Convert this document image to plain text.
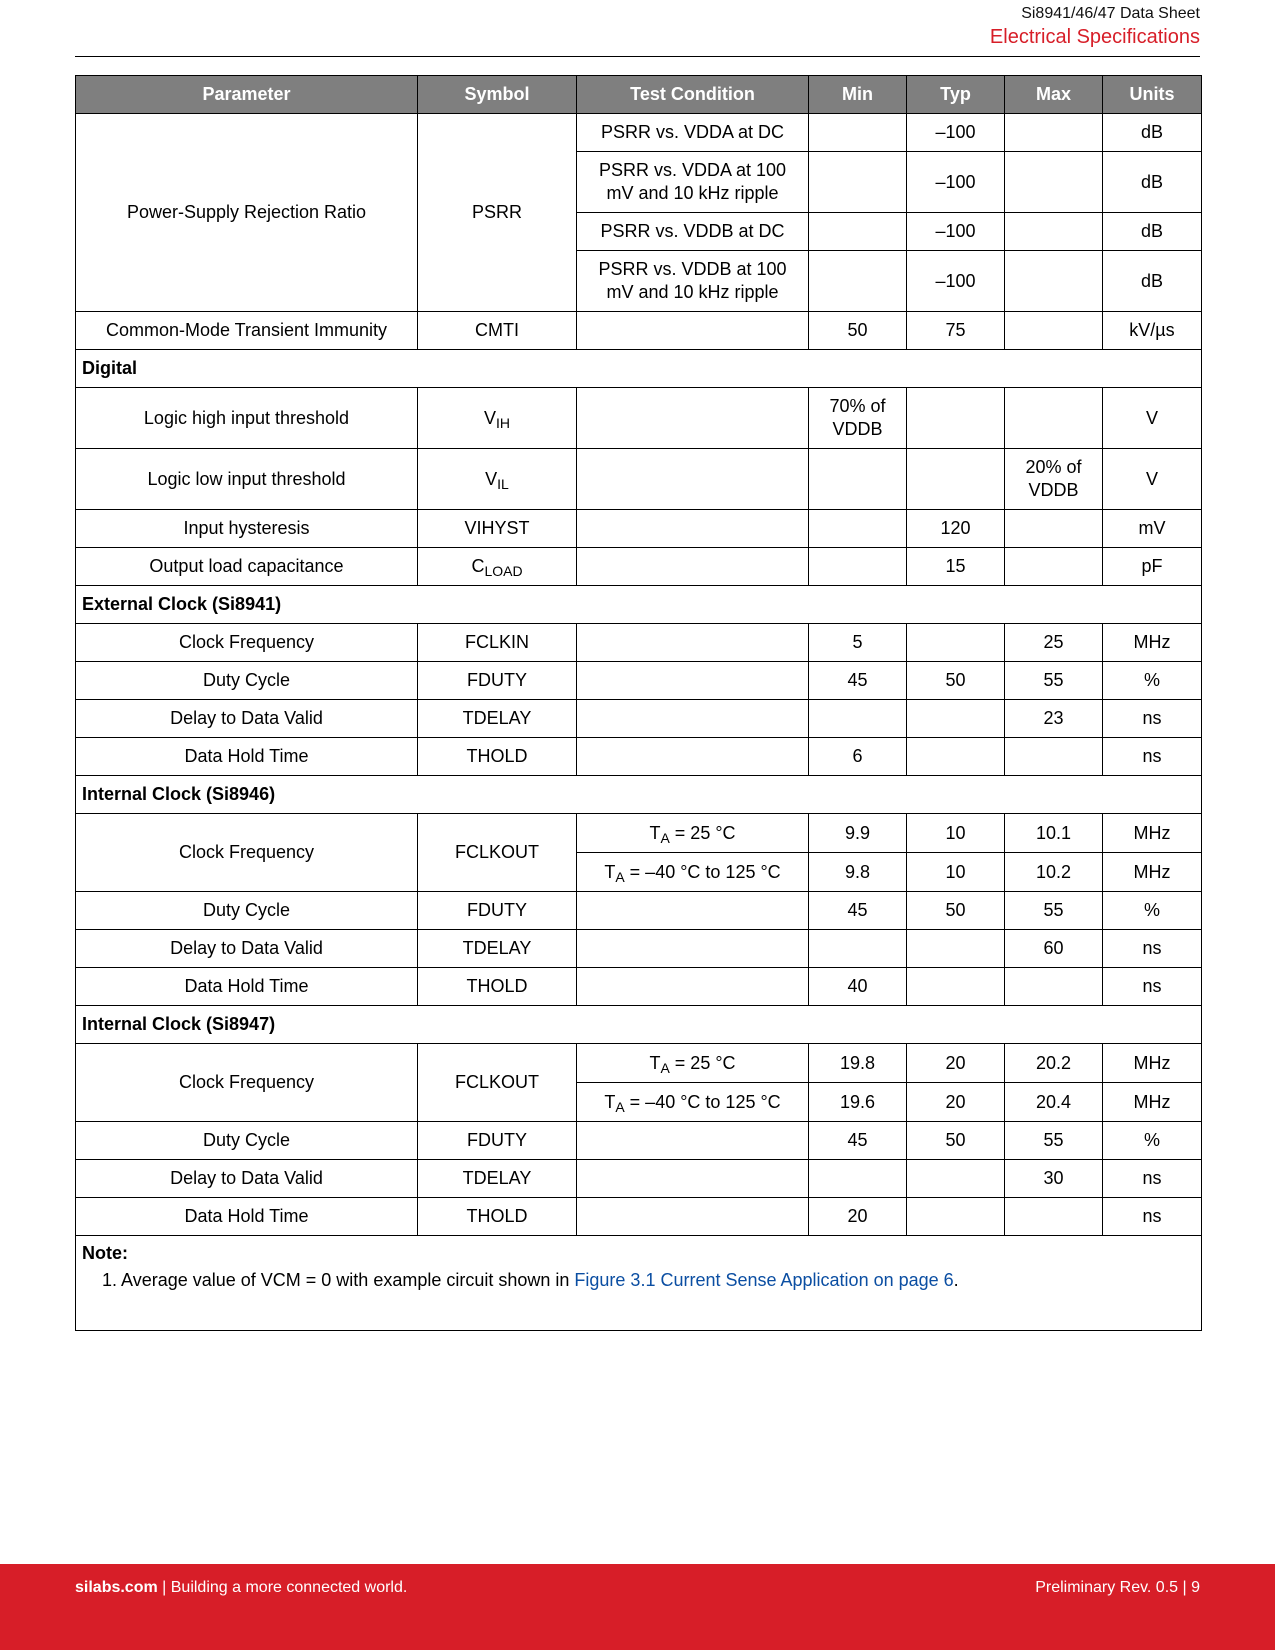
Si8941/46/47 Data Sheet
Electrical Specifications
Parameter	Symbol	Test Condition	Min	Typ	Max	Units
Power-Supply Rejection Ratio	PSRR	PSRR vs. VDDA at DC		–100		dB
		PSRR vs. VDDA at 100 mV and 10 kHz ripple		–100		dB
		PSRR vs. VDDB at DC		–100		dB
		PSRR vs. VDDB at 100 mV and 10 kHz ripple		–100		dB
Common-Mode Transient Immunity	CMTI		50	75		kV/µs
Digital						
Logic high input threshold	$V_{IH}$		70% of VDDB			V
Logic low input threshold	$V_{IL}$				20% of VDDB	V
Input hysteresis	VIHYST			120		mV
Output load capacitance	$C_{LOAD}$			15		pF
External Clock (Si8941)						
Clock Frequency	FCLKIN		5		25	MHz
Duty Cycle	FDUTY		45	50	55	%
Delay to Data Valid	TDELAY				23	ns
Data Hold Time	THOLD		6			ns
Internal Clock (Si8946)						
Clock Frequency	FCLKOUT	$T_A = 25$ °C	9.9	10	10.1	MHz
		$T_A = -40$ °C to 125 °C	9.8	10	10.2	MHz
Duty Cycle	FDUTY		45	50	55	%
Delay to Data Valid	TDELAY				60	ns
Data Hold Time	THOLD		40			ns
Internal Clock (Si8947)						
Clock Frequency	FCLKOUT	$T_A = 25$ °C	19.8	20	20.2	MHz
		$T_A = -40$ °C to 125 °C	19.6	20	20.4	MHz
Duty Cycle	FDUTY		45	50	55	%
Delay to Data Valid	TDELAY				30	ns
Data Hold Time	THOLD		20			ns

Note:
1. Average value of VCM = 0 with example circuit shown in Figure 3.1 Current Sense Application on page 6.						
silabs.com | Building a more connected world.	Preliminary Rev. 0.5 | 9
